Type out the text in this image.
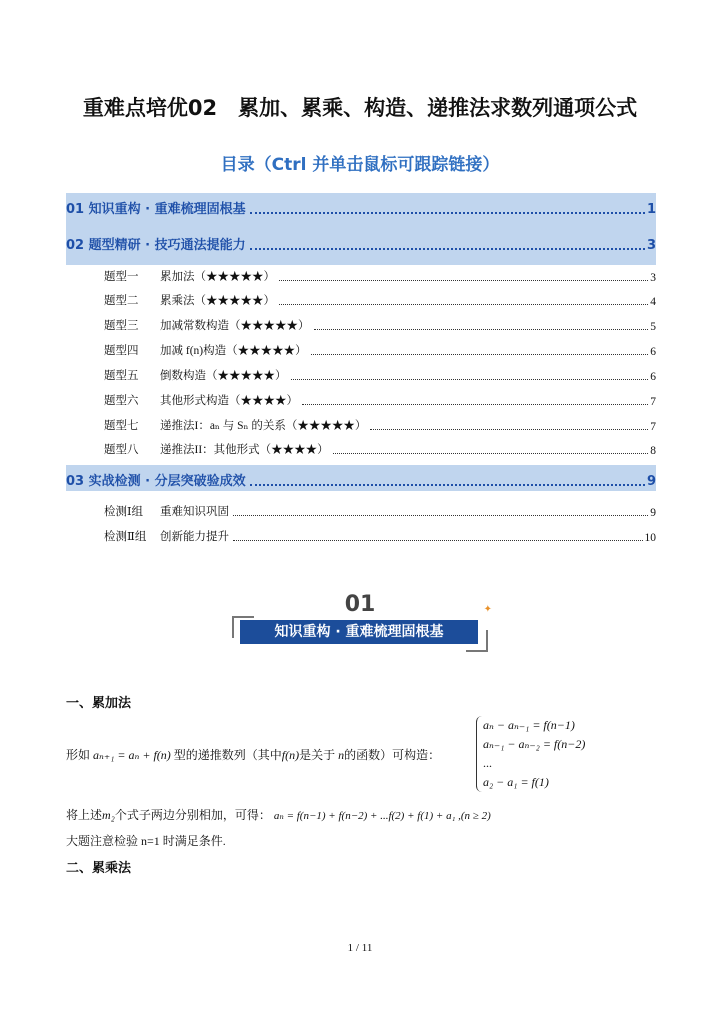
重难点培优02　累加、累乘、构造、递推法求数列通项公式
目录（Ctrl 并单击鼠标可跟踪链接）
01 知识重构 · 重难梳理固根基	1
02 题型精研 · 技巧通法提能力	3
题型一	累加法（★★★★★）	3
题型二	累乘法（★★★★★）	4
题型三	加减常数构造（★★★★★）	5
题型四	加减 f(n)构造（★★★★★）	6
题型五	倒数构造（★★★★★）	6
题型六	其他形式构造（★★★★）	7
题型七	递推法I：aₙ 与 Sₙ 的关系（★★★★★）	7
题型八	递推法II：其他形式（★★★★）	8
03 实战检测 · 分层突破验成效	9
检测Ⅰ组	重难知识巩固	9
检测Ⅱ组	创新能力提升	10
01	✦
知识重构 · 重难梳理固根基
一、累加法
形如 aₙ₊₁ = aₙ + f(n) 型的递推数列（其中f(n)是关于 n的函数）可构造：
aₙ − aₙ₋₁ = f(n−1)
aₙ₋₁ − aₙ₋₂ = f(n−2)
...
a₂ − a₁ = f(1)
将上述m₂个式子两边分别相加，可得： aₙ = f(n−1) + f(n−2) + ...f(2) + f(1) + a₁ ,(n ≥ 2)
大题注意检验 n=1 时满足条件.
二、累乘法
1 / 11
